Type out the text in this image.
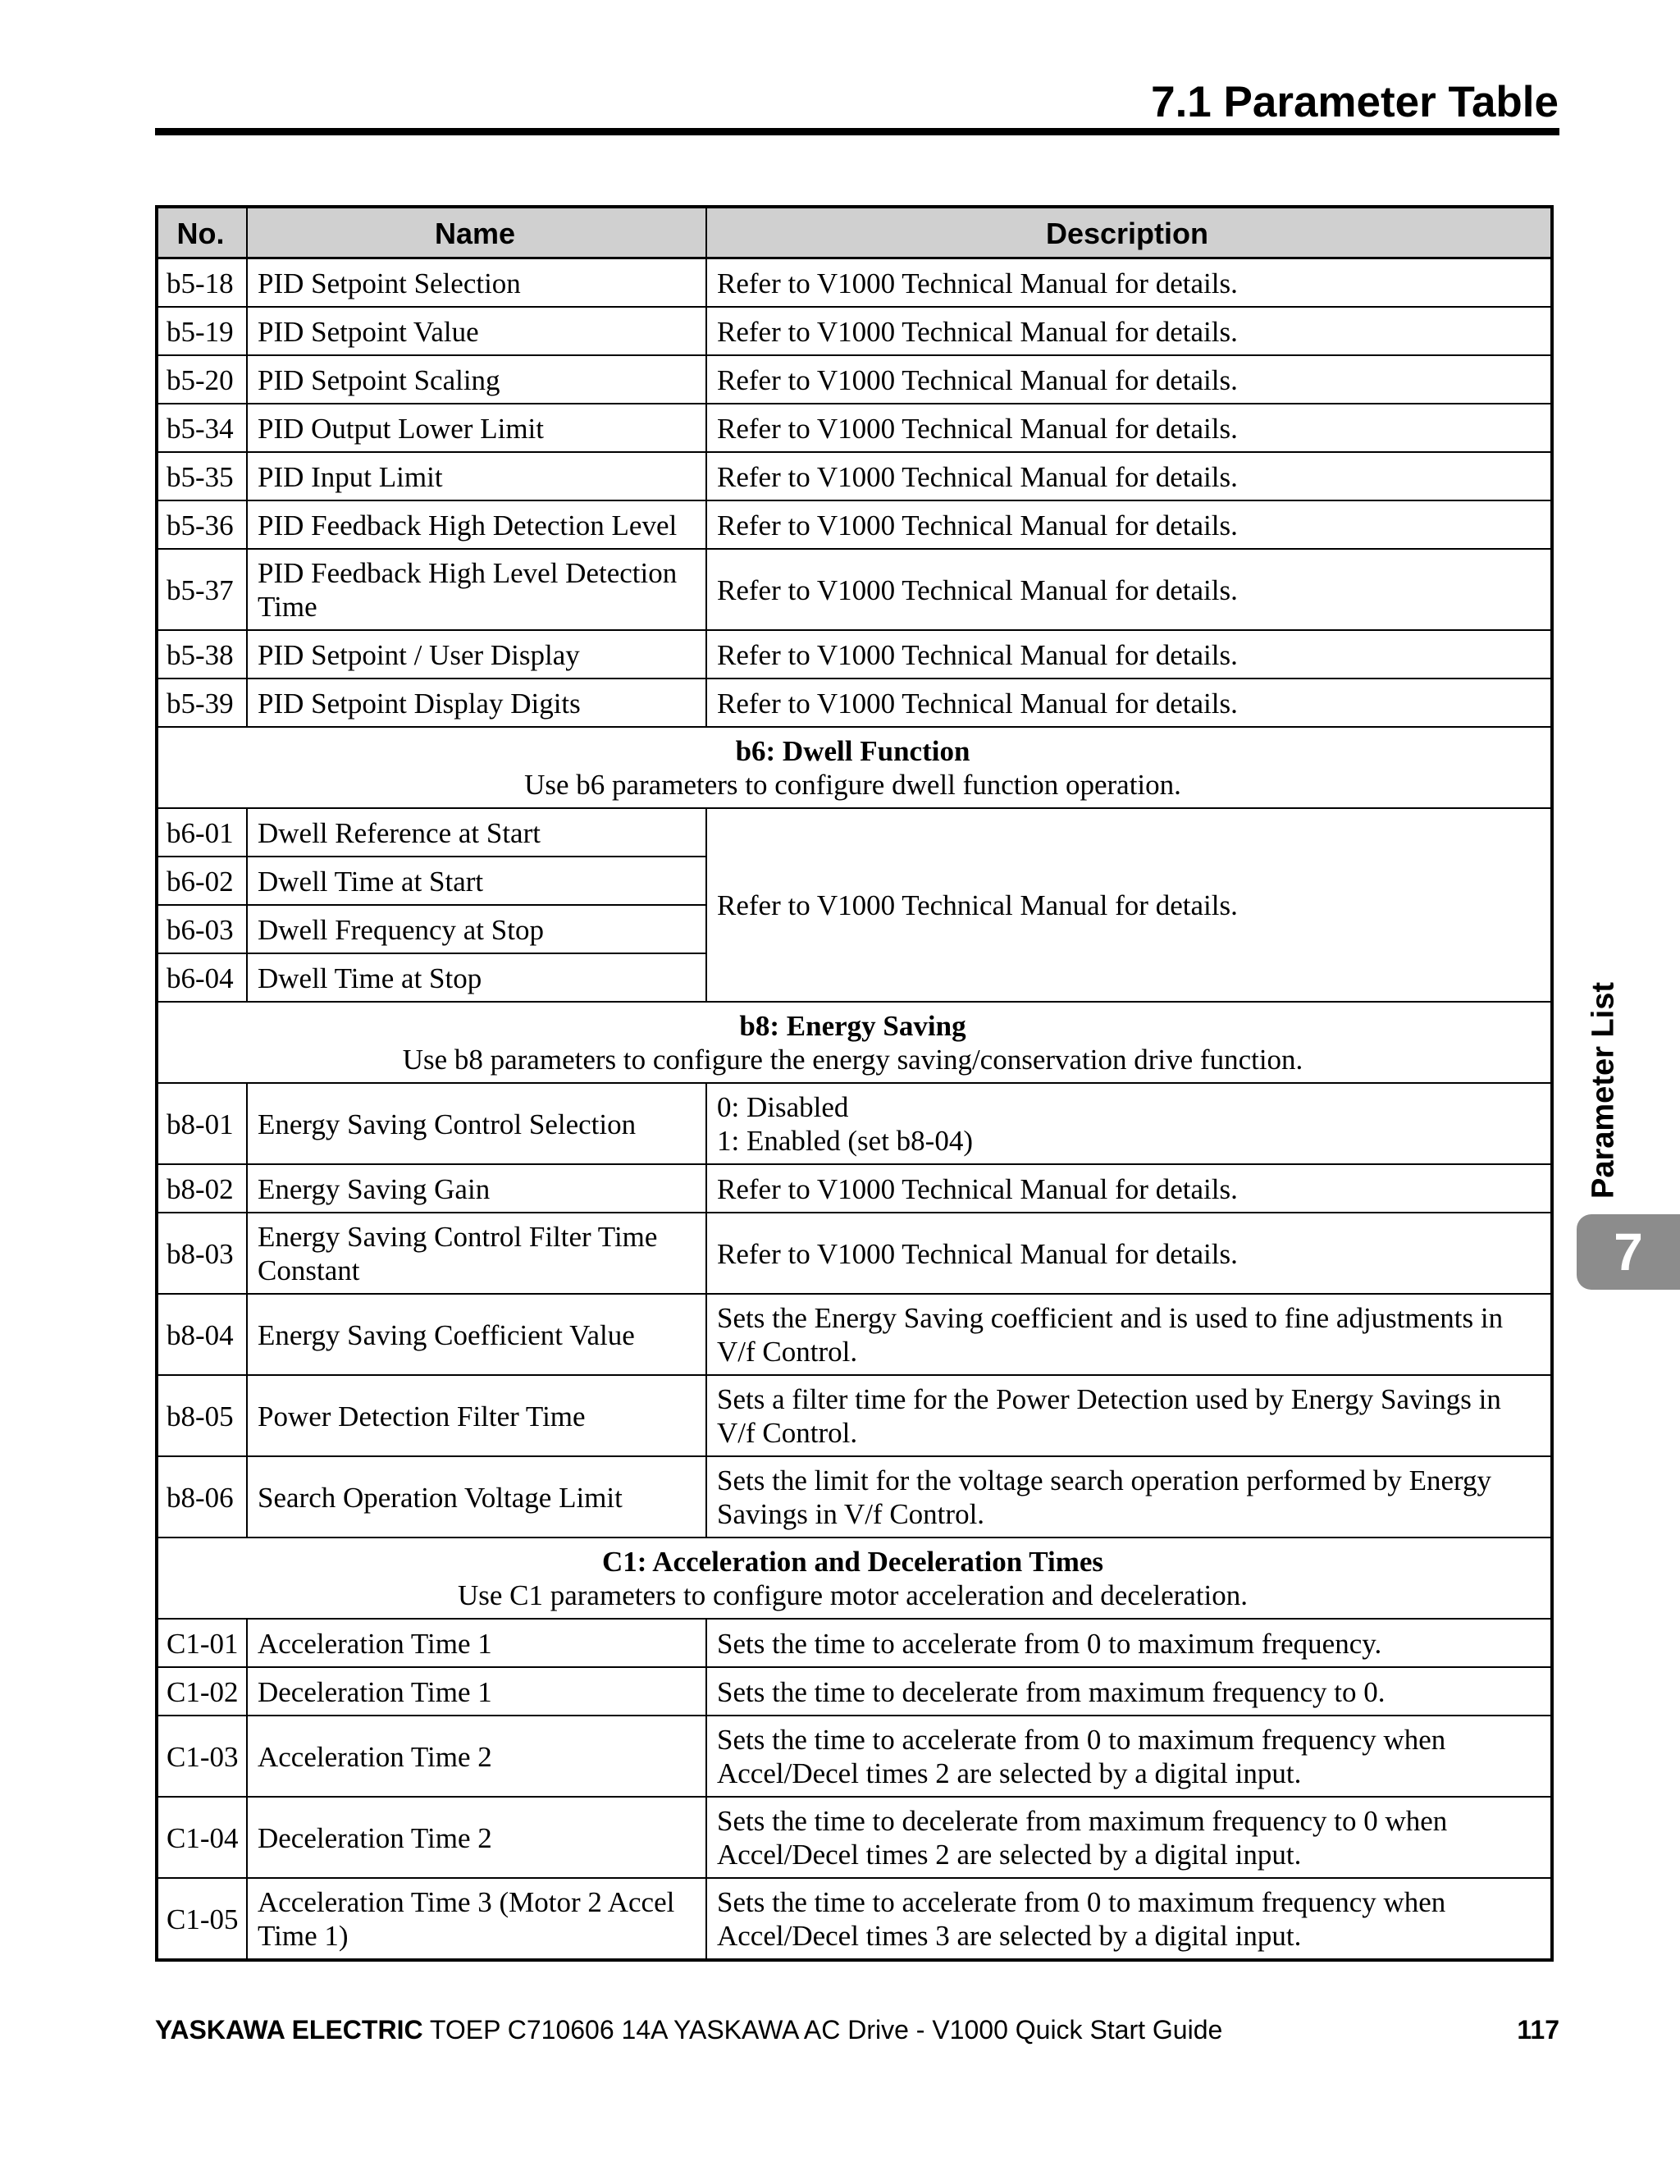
7.1 Parameter Table
No.	Name	Description
b5-18	PID Setpoint Selection	Refer to V1000 Technical Manual for details.
b5-19	PID Setpoint Value	Refer to V1000 Technical Manual for details.
b5-20	PID Setpoint Scaling	Refer to V1000 Technical Manual for details.
b5-34	PID Output Lower Limit	Refer to V1000 Technical Manual for details.
b5-35	PID Input Limit	Refer to V1000 Technical Manual for details.
b5-36	PID Feedback High Detection Level	Refer to V1000 Technical Manual for details.
b5-37	PID Feedback High Level Detection Time	Refer to V1000 Technical Manual for details.
b5-38	PID Setpoint / User Display	Refer to V1000 Technical Manual for details.
b5-39	PID Setpoint Display Digits	Refer to V1000 Technical Manual for details.

b6: Dwell Function
Use b6 parameters to configure dwell function operation.		

b6-01	Dwell Reference at Start	Refer to V1000 Technical Manual for details.
b6-02	Dwell Time at Start	
b6-03	Dwell Frequency at Stop	
b6-04	Dwell Time at Stop	

b8: Energy Saving
Use b8 parameters to configure the energy saving/conservation drive function.		

b8-01	Energy Saving Control Selection	0: Disabled
1: Enabled (set b8-04)

b8-02	Energy Saving Gain	Refer to V1000 Technical Manual for details.
b8-03	Energy Saving Control Filter Time Constant	Refer to V1000 Technical Manual for details.
b8-04	Energy Saving Coefficient Value	Sets the Energy Saving coefficient and is used to fine adjustments in V/f Control.
b8-05	Power Detection Filter Time	Sets a filter time for the Power Detection used by Energy Savings in V/f Control.
b8-06	Search Operation Voltage Limit	Sets the limit for the voltage search operation performed by Energy Savings in V/f Control.

C1: Acceleration and Deceleration Times
Use C1 parameters to configure motor acceleration and deceleration.		

C1-01	Acceleration Time 1	Sets the time to accelerate from 0 to maximum frequency.
C1-02	Deceleration Time 1	Sets the time to decelerate from maximum frequency to 0.
C1-03	Acceleration Time 2	Sets the time to accelerate from 0 to maximum frequency when Accel/Decel times 2 are selected by a digital input.
C1-04	Deceleration Time 2	Sets the time to decelerate from maximum frequency to 0 when Accel/Decel times 2 are selected by a digital input.
C1-05	Acceleration Time 3 (Motor 2 Accel Time 1)	Sets the time to accelerate from 0 to maximum frequency when Accel/Decel times 3 are selected by a digital input.
Parameter List
7
YASKAWA ELECTRIC TOEP C710606 14A YASKAWA AC Drive - V1000 Quick Start Guide	117
